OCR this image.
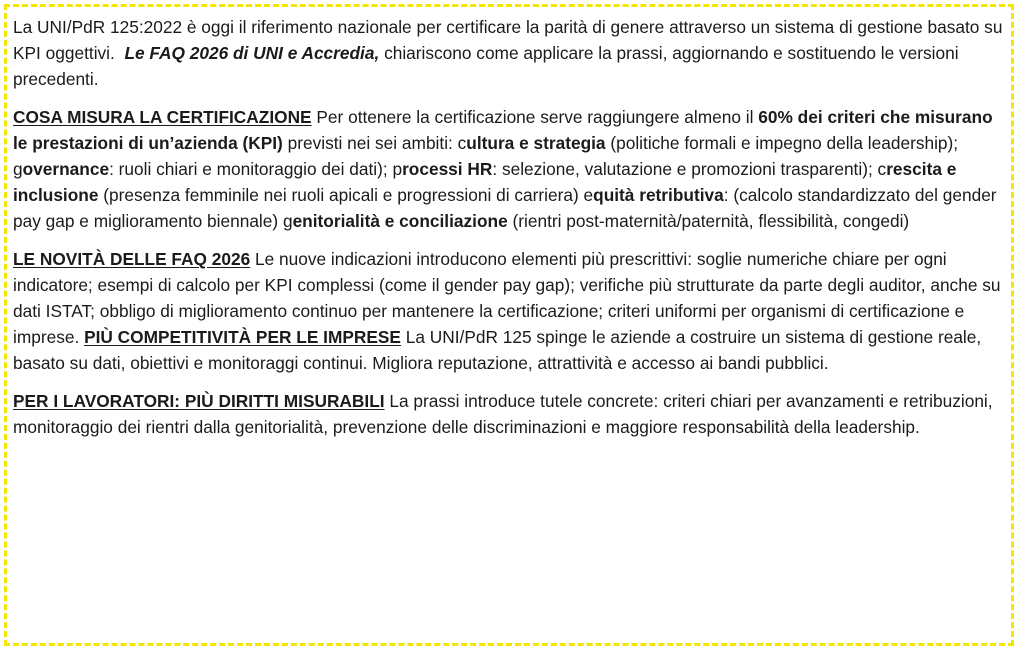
La UNI/PdR 125:2022 è oggi il riferimento nazionale per certificare la parità di genere attraverso un sistema di gestione basato su KPI oggettivi. Le FAQ 2026 di UNI e Accredia, chiariscono come applicare la prassi, aggiornando e sostituendo le versioni precedenti.

COSA MISURA LA CERTIFICAZIONE Per ottenere la certificazione serve raggiungere almeno il 60% dei criteri che misurano le prestazioni di un’azienda (KPI) previsti nei sei ambiti: cultura e strategia (politiche formali e impegno della leadership); governance: ruoli chiari e monitoraggio dei dati); processi HR: selezione, valutazione e promozioni trasparenti); crescita e inclusione (presenza femminile nei ruoli apicali e progressioni di carriera) equità retributiva: (calcolo standardizzato del gender pay gap e miglioramento biennale) genitorialità e conciliazione (rientri post-maternità/paternità, flessibilità, congedi)

LE NOVITÀ DELLE FAQ 2026 Le nuove indicazioni introducono elementi più prescrittivi: soglie numeriche chiare per ogni indicatore; esempi di calcolo per KPI complessi (come il gender pay gap); verifiche più strutturate da parte degli auditor, anche su dati ISTAT; obbligo di miglioramento continuo per mantenere la certificazione; criteri uniformi per organismi di certificazione e imprese. PIÙ COMPETITIVITÀ PER LE IMPRESE La UNI/PdR 125 spinge le aziende a costruire un sistema di gestione reale, basato su dati, obiettivi e monitoraggi continui. Migliora reputazione, attrattività e accesso ai bandi pubblici.

PER I LAVORATORI: PIÙ DIRITTI MISURABILI La prassi introduce tutele concrete: criteri chiari per avanzamenti e retribuzioni, monitoraggio dei rientri dalla genitorialità, prevenzione delle discriminazioni e maggiore responsabilità della leadership.
